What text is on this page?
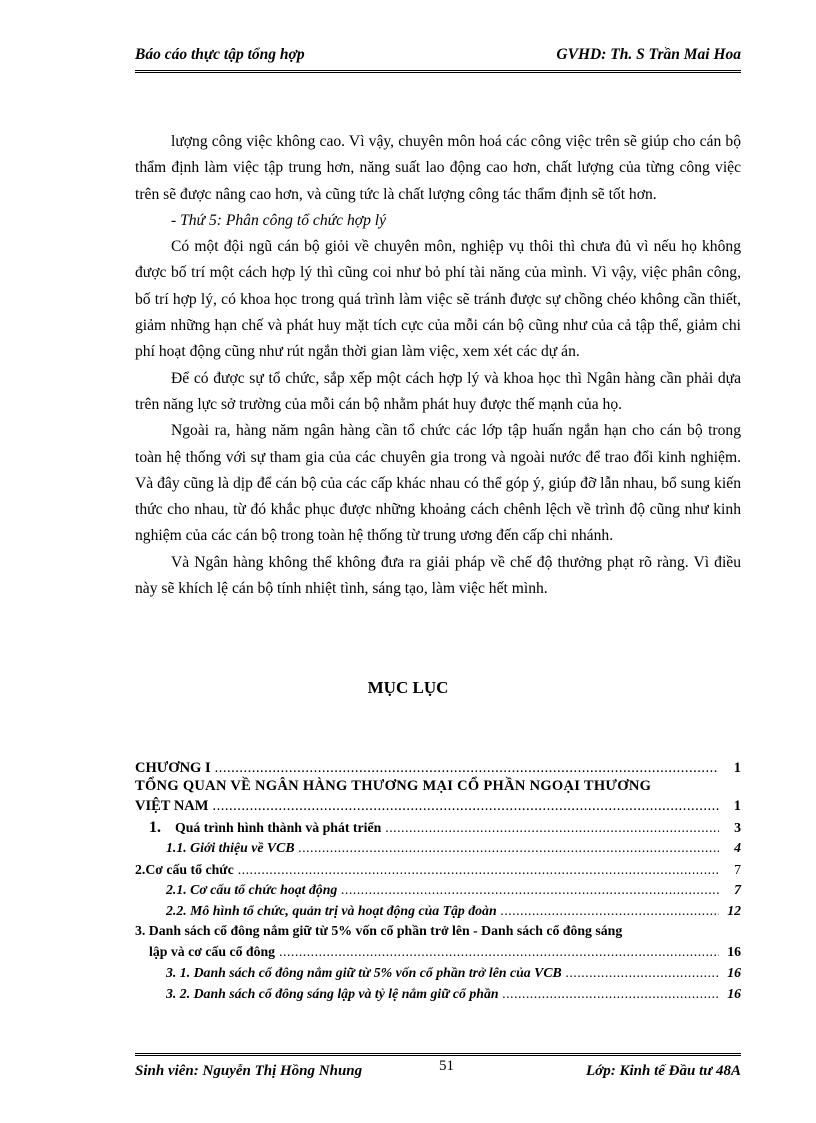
Báo cáo thực tập tổng hợp	GVHD: Th. S Trần Mai Hoa

lượng công việc không cao. Vì vậy, chuyên môn hoá các công việc trên sẽ giúp cho cán bộ thẩm định làm việc tập trung hơn, năng suất lao động cao hơn, chất lượng của từng công việc trên sẽ được nâng cao hơn, và cũng tức là chất lượng công tác thẩm định sẽ tốt hơn.

- Thứ 5: Phân công tổ chức hợp lý

Có một đội ngũ cán bộ giỏi về chuyên môn, nghiệp vụ thôi thì chưa đủ vì nếu họ không được bố trí một cách hợp lý thì cũng coi như bỏ phí tài năng của mình. Vì vậy, việc phân công, bố trí hợp lý, có khoa học trong quá trình làm việc sẽ tránh được sự chồng chéo không cần thiết, giảm những hạn chế và phát huy mặt tích cực của mỗi cán bộ cũng như của cả tập thể, giảm chi phí hoạt động cũng như rút ngắn thời gian làm việc, xem xét các dự án.

Để có được sự tổ chức, sắp xếp một cách hợp lý và khoa học thì Ngân hàng cần phải dựa trên năng lực sở trường của mỗi cán bộ nhằm phát huy được thế mạnh của họ.

Ngoài ra, hàng năm ngân hàng cần tổ chức các lớp tập huấn ngắn hạn cho cán bộ trong toàn hệ thống với sự tham gia của các chuyên gia trong và ngoài nước để trao đổi kinh nghiệm. Và đây cũng là dịp để cán bộ của các cấp khác nhau có thể góp ý, giúp đỡ lẫn nhau, bổ sung kiến thức cho nhau, từ đó khắc phục được những khoảng cách chênh lệch về trình độ cũng như kinh nghiệm của các cán bộ trong toàn hệ thống từ trung ương đến cấp chi nhánh.

Và Ngân hàng không thể không đưa ra giải pháp về chế độ thưởng phạt rõ ràng. Vì điều này sẽ khích lệ cán bộ tính nhiệt tình, sáng tạo, làm việc hết mình.

MỤC LỤC
CHƯƠNG I .....	1
TỔNG QUAN VỀ NGÂN HÀNG THƯƠNG MẠI CỔ PHẦN NGOẠI THƯƠNG
VIỆT NAM .....	1
1. Quá trình hình thành và phát triển .....	3
1.1. Giới thiệu về VCB .....	4
2.Cơ cấu tổ chức .....	7
2.1. Cơ cấu tổ chức hoạt động .....	7
2.2. Mô hình tổ chức, quản trị và hoạt động của Tập đoàn .....	12
3. Danh sách cổ đông nắm giữ từ 5% vốn cổ phần trở lên - Danh sách cổ đông sáng
lập và cơ cấu cổ đông .....	16
3. 1. Danh sách cổ đông nắm giữ từ 5% vốn cổ phần trở lên của VCB .....	16
3. 2. Danh sách cổ đông sáng lập và tỷ lệ nắm giữ cổ phần .....	16
Sinh viên: Nguyễn Thị Hồng Nhung	51	Lớp: Kinh tế Đầu tư 48A
